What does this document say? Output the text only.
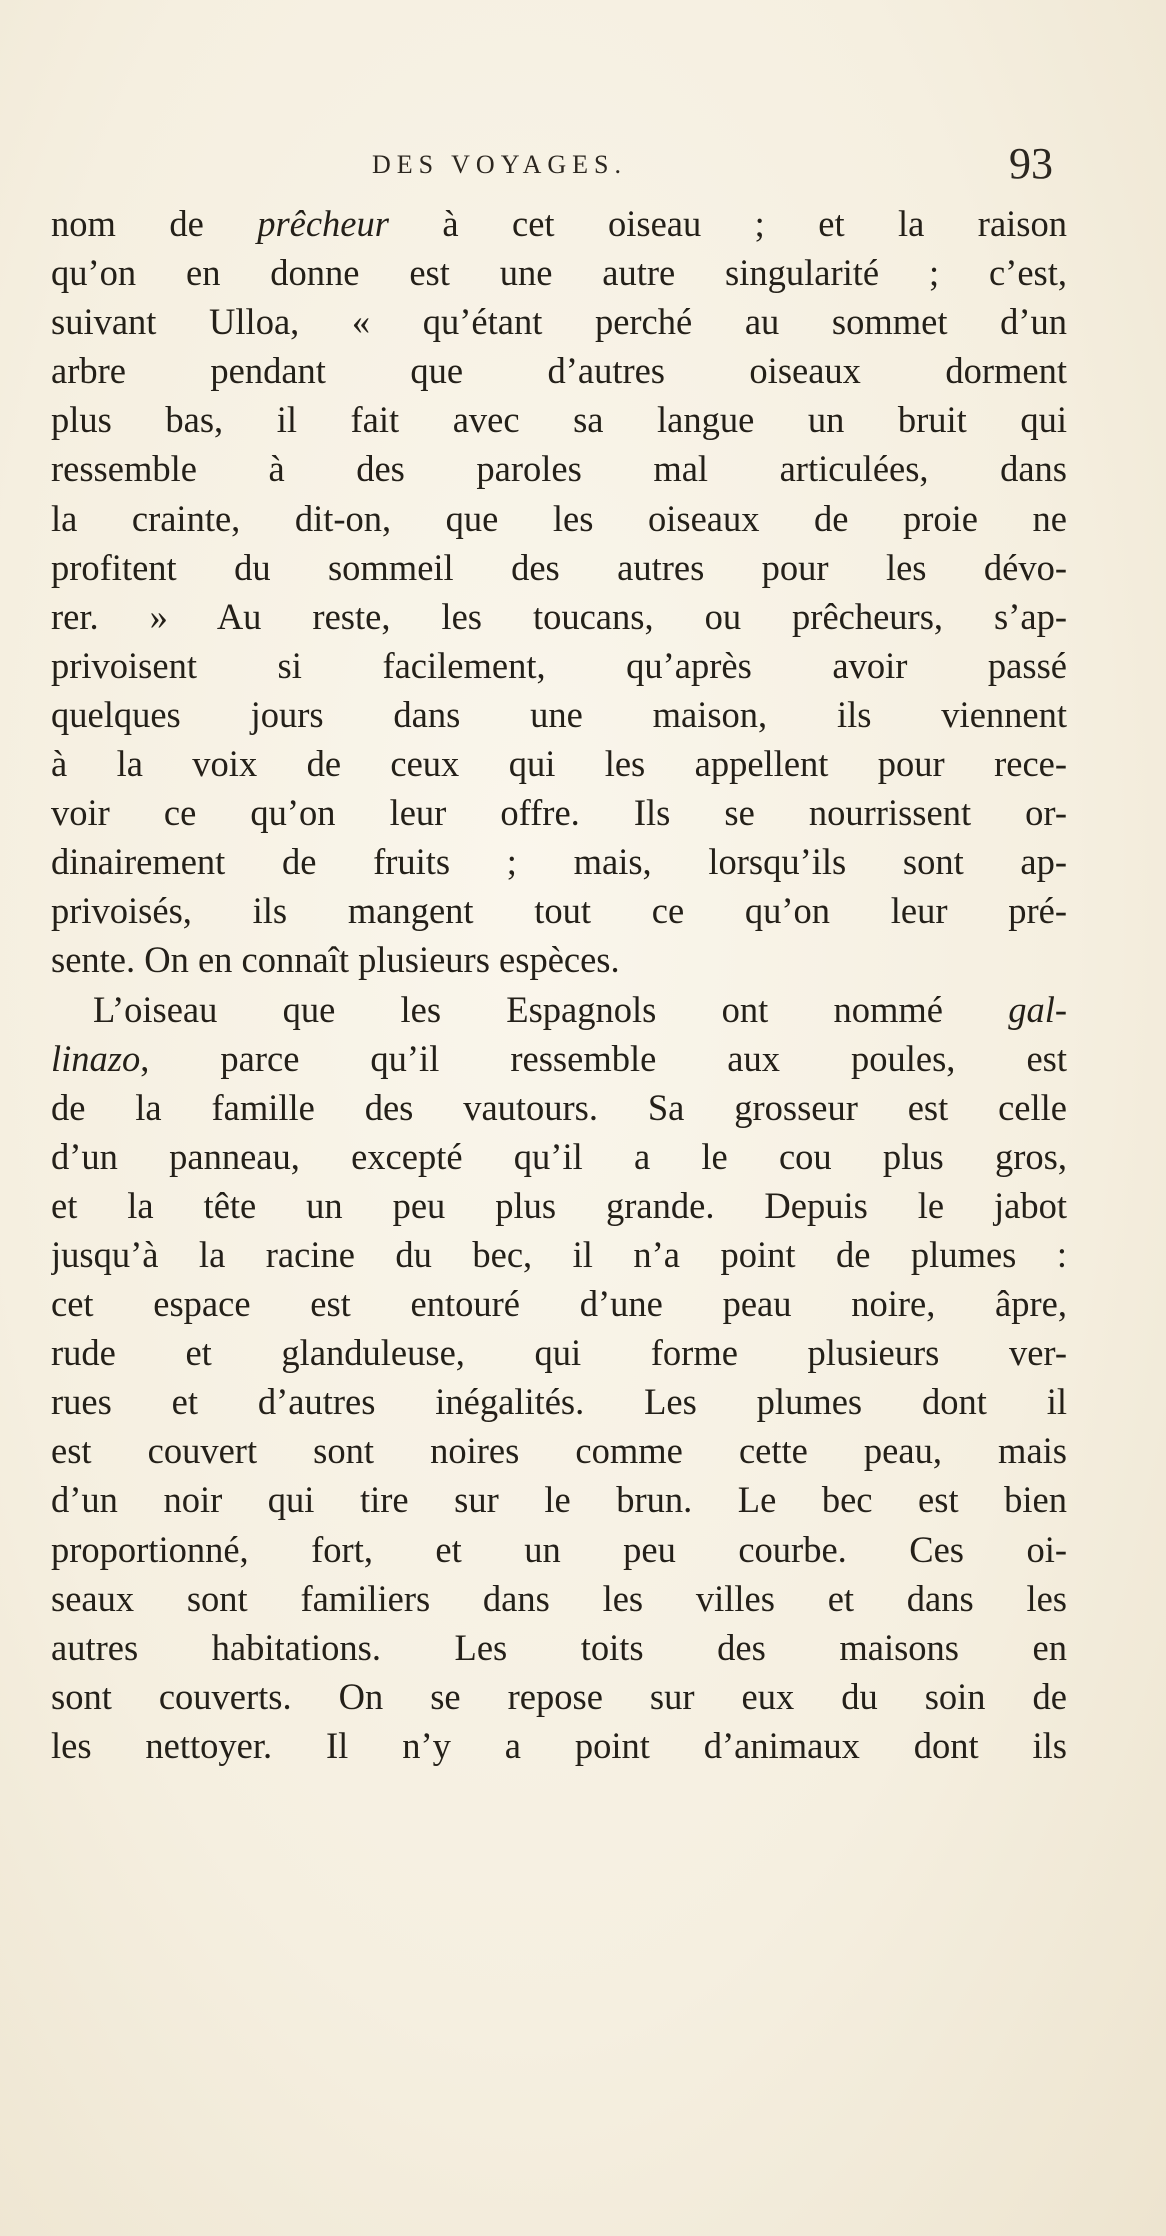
DES VOYAGES.	93
nom de prêcheur à cet oiseau ; et la raison
qu’on en donne est une autre singularité ; c’est,
suivant Ulloa, « qu’étant perché au sommet d’un
arbre pendant que d’autres oiseaux dorment
plus bas, il fait avec sa langue un bruit qui
ressemble à des paroles mal articulées, dans
la crainte, dit-on, que les oiseaux de proie ne
profitent du sommeil des autres pour les dévo-
rer. » Au reste, les toucans, ou prêcheurs, s’ap-
privoisent si facilement, qu’après avoir passé
quelques jours dans une maison, ils viennent
à la voix de ceux qui les appellent pour rece-
voir ce qu’on leur offre. Ils se nourrissent or-
dinairement de fruits ; mais, lorsqu’ils sont ap-
privoisés, ils mangent tout ce qu’on leur pré-
sente. On en connaît plusieurs espèces.
L’oiseau que les Espagnols ont nommé gal-
linazo, parce qu’il ressemble aux poules, est
de la famille des vautours. Sa grosseur est celle
d’un panneau, excepté qu’il a le cou plus gros,
et la tête un peu plus grande. Depuis le jabot
jusqu’à la racine du bec, il n’a point de plumes :
cet espace est entouré d’une peau noire, âpre,
rude et glanduleuse, qui forme plusieurs ver-
rues et d’autres inégalités. Les plumes dont il
est couvert sont noires comme cette peau, mais
d’un noir qui tire sur le brun. Le bec est bien
proportionné, fort, et un peu courbe. Ces oi-
seaux sont familiers dans les villes et dans les
autres habitations. Les toits des maisons en
sont couverts. On se repose sur eux du soin de
les nettoyer. Il n’y a point d’animaux dont ils
